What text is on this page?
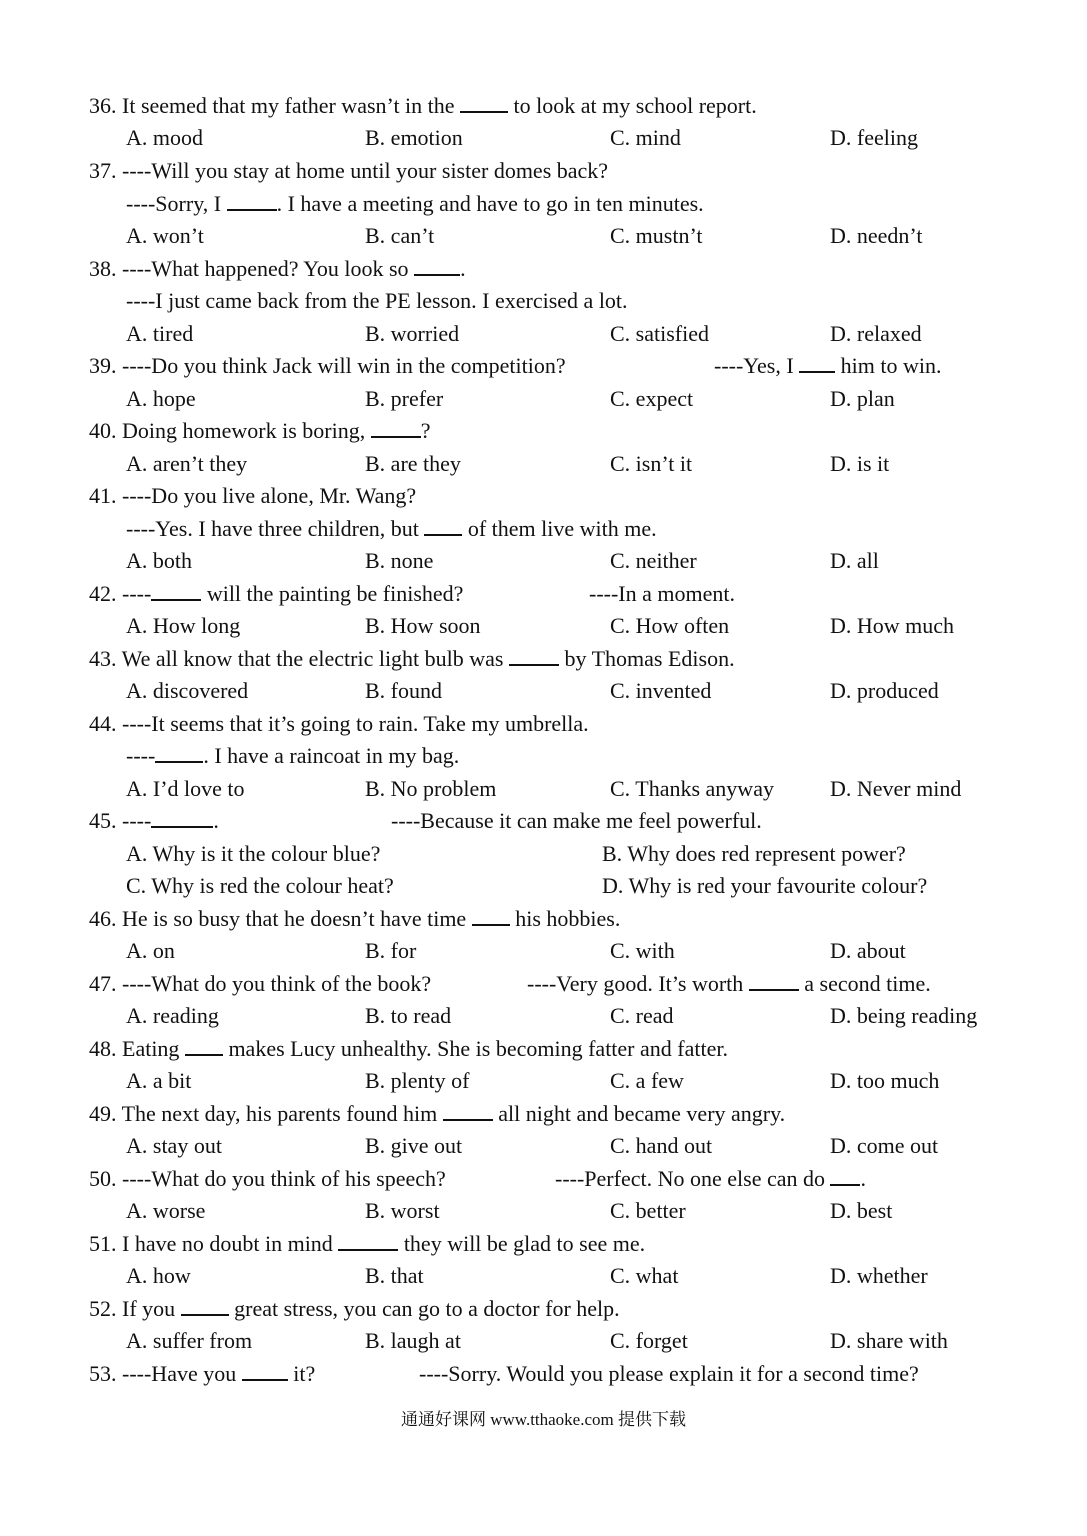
36. It seemed that my father wasn’t in the  to look at my school report.
A. mood	B. emotion	C. mind	D. feeling
37. ----Will you stay at home until your sister domes back?
----Sorry, I . I have a meeting and have to go in ten minutes.
A. won’t	B. can’t	C. mustn’t	D. needn’t
38. ----What happened? You look so .
----I just came back from the PE lesson. I exercised a lot.
A. tired	B. worried	C. satisfied	D. relaxed
39. ----Do you think Jack will win in the competition?	----Yes, I  him to win.
A. hope	B. prefer	C. expect	D. plan
40. Doing homework is boring, ?
A. aren’t they	B. are they	C. isn’t it	D. is it
41. ----Do you live alone, Mr. Wang?
----Yes. I have three children, but  of them live with me.
A. both	B. none	C. neither	D. all
42. ---- will the painting be finished?	----In a moment.
A. How long	B. How soon	C. How often	D. How much
43. We all know that the electric light bulb was  by Thomas Edison.
A. discovered	B. found	C. invented	D. produced
44. ----It seems that it’s going to rain. Take my umbrella.
---- . I have a raincoat in my bag.
A. I’d love to	B. No problem	C. Thanks anyway	D. Never mind
45. ----	.	----Because it can make me feel powerful.
A. Why is it the colour blue?	B. Why does red represent power?
C. Why is red the colour heat?	D. Why is red your favourite colour?
46. He is so busy that he doesn’t have time  his hobbies.
A. on	B. for	C. with	D. about
47. ----What do you think of the book?	----Very good. It’s worth  a second time.
A. reading	B. to read	C. read	D. being reading
48. Eating  makes Lucy unhealthy. She is becoming fatter and fatter.
A. a bit	B. plenty of	C. a few	D. too much
49. The next day, his parents found him  all night and became very angry.
A. stay out	B. give out	C. hand out	D. come out
50. ----What do you think of his speech?	----Perfect. No one else can do .
A. worse	B. worst	C. better	D. best
51. I have no doubt in mind	they will be glad to see me.
A. how	B. that	C. what	D. whether
52. If you  great stress, you can go to a doctor for help.
A. suffer from	B. laugh at	C. forget	D. share with
53. ----Have you  it?	----Sorry. Would you please explain it for a second time?
通通好课网 www.tthaoke.com 提供下载
